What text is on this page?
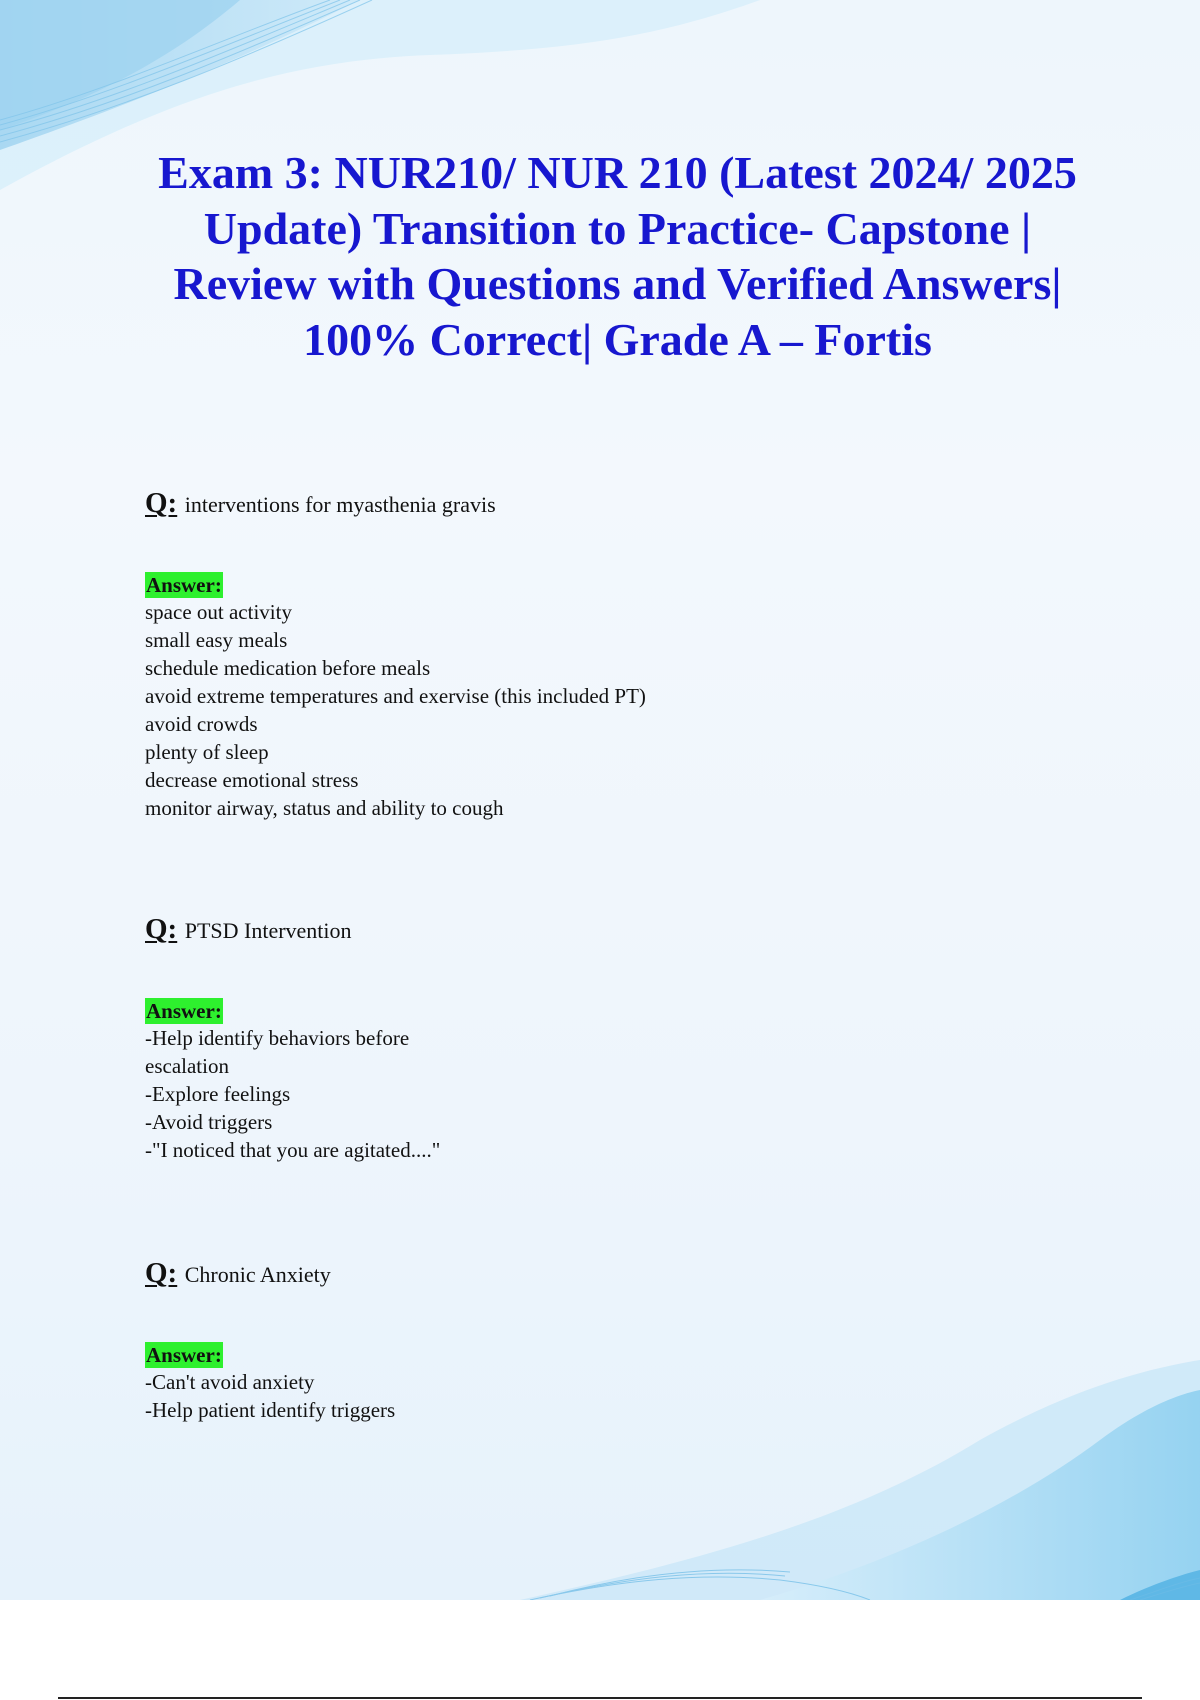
Exam 3: NUR210/ NUR 210 (Latest 2024/ 2025 Update) Transition to Practice- Capstone | Review with Questions and Verified Answers| 100% Correct| Grade A – Fortis

Q: interventions for myasthenia gravis

Answer:
space out activity
small easy meals
schedule medication before meals
avoid extreme temperatures and exervise (this included PT)
avoid crowds
plenty of sleep
decrease emotional stress
monitor airway, status and ability to cough

Q: PTSD Intervention

Answer:
-Help identify behaviors before
escalation
-Explore feelings
-Avoid triggers
-"I noticed that you are agitated...."

Q: Chronic Anxiety

Answer:
-Can't avoid anxiety
-Help patient identify triggers
